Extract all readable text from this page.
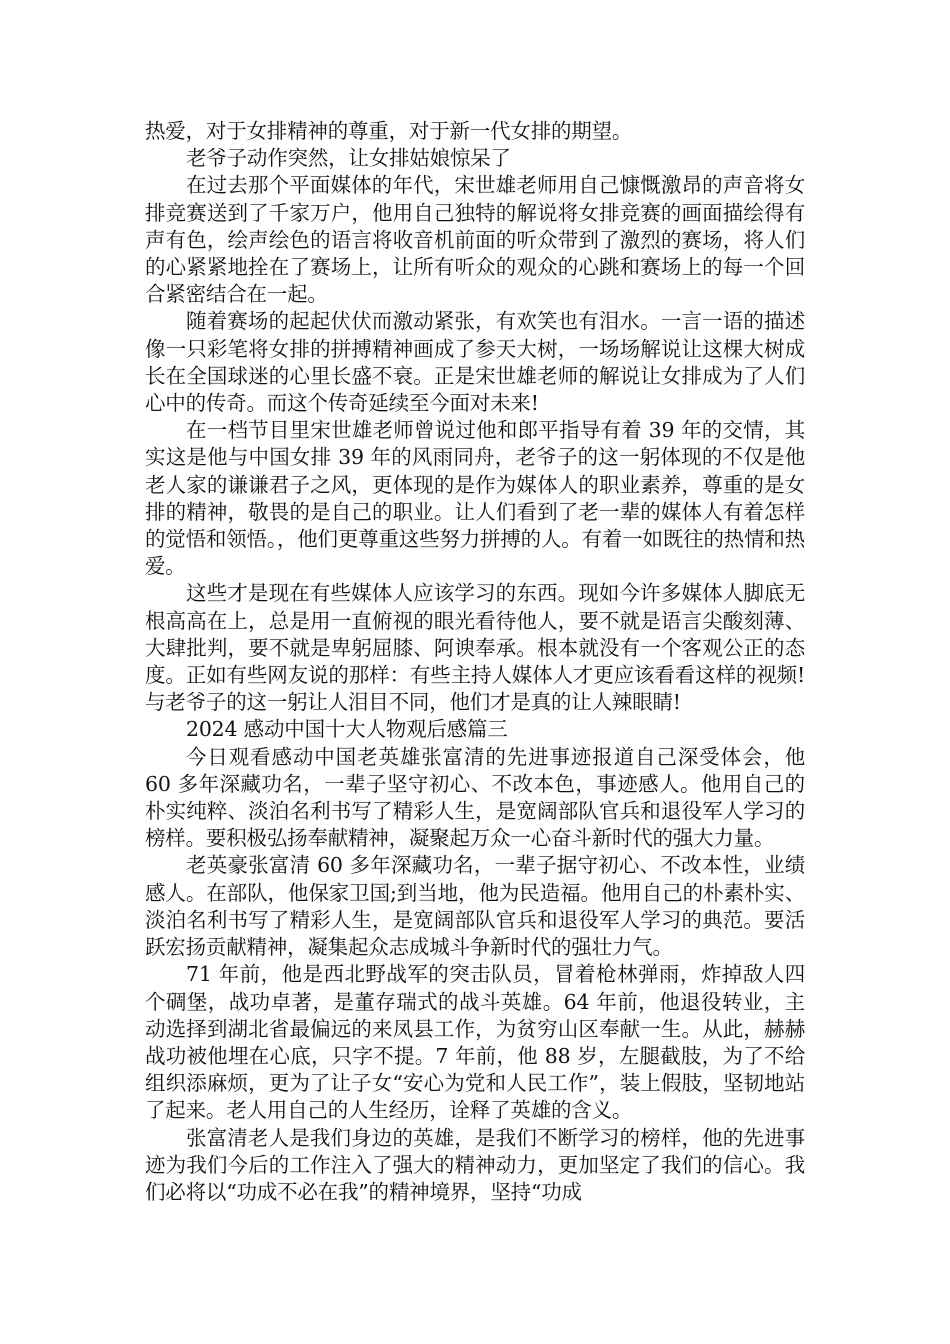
热爱，对于女排精神的尊重，对于新一代女排的期望。

老爷子动作突然，让女排姑娘惊呆了

在过去那个平面媒体的年代，宋世雄老师用自己慷慨激昂的声音将女排竞赛送到了千家万户，他用自己独特的解说将女排竞赛的画面描绘得有声有色，绘声绘色的语言将收音机前面的听众带到了激烈的赛场，将人们的心紧紧地拴在了赛场上，让所有听众的观众的心跳和赛场上的每一个回合紧密结合在一起。

随着赛场的起起伏伏而激动紧张，有欢笑也有泪水。一言一语的描述像一只彩笔将女排的拼搏精神画成了参天大树，一场场解说让这棵大树成长在全国球迷的心里长盛不衰。正是宋世雄老师的解说让女排成为了人们心中的传奇。而这个传奇延续至今面对未来!

在一档节目里宋世雄老师曾说过他和郎平指导有着 39 年的交情，其实这是他与中国女排 39 年的风雨同舟，老爷子的这一躬体现的不仅是他老人家的谦谦君子之风，更体现的是作为媒体人的职业素养，尊重的是女排的精神，敬畏的是自己的职业。让人们看到了老一辈的媒体人有着怎样的觉悟和领悟。，他们更尊重这些努力拼搏的人。有着一如既往的热情和热爱。

这些才是现在有些媒体人应该学习的东西。现如今许多媒体人脚底无根高高在上，总是用一直俯视的眼光看待他人，要不就是语言尖酸刻薄、大肆批判，要不就是卑躬屈膝、阿谀奉承。根本就没有一个客观公正的态度。正如有些网友说的那样：有些主持人媒体人才更应该看看这样的视频!与老爷子的这一躬让人泪目不同，他们才是真的让人辣眼睛!

2024 感动中国十大人物观后感篇三

今日观看感动中国老英雄张富清的先进事迹报道自己深受体会，他 60 多年深藏功名，一辈子坚守初心、不改本色，事迹感人。他用自己的朴实纯粹、淡泊名利书写了精彩人生，是宽阔部队官兵和退役军人学习的榜样。要积极弘扬奉献精神，凝聚起万众一心奋斗新时代的强大力量。

老英豪张富清 60 多年深藏功名，一辈子据守初心、不改本性，业绩感人。在部队，他保家卫国;到当地，他为民造福。他用自己的朴素朴实、淡泊名利书写了精彩人生，是宽阔部队官兵和退役军人学习的典范。要活跃宏扬贡献精神，凝集起众志成城斗争新时代的强壮力气。

71 年前，他是西北野战军的突击队员，冒着枪林弹雨，炸掉敌人四个碉堡，战功卓著，是董存瑞式的战斗英雄。64 年前，他退役转业，主动选择到湖北省最偏远的来凤县工作，为贫穷山区奉献一生。从此，赫赫战功被他埋在心底，只字不提。7 年前，他 88 岁，左腿截肢，为了不给组织添麻烦，更为了让子女“安心为党和人民工作”，装上假肢，坚韧地站了起来。老人用自己的人生经历，诠释了英雄的含义。

张富清老人是我们身边的英雄，是我们不断学习的榜样，他的先进事迹为我们今后的工作注入了强大的精神动力，更加坚定了我们的信心。我们必将以“功成不必在我”的精神境界，坚持“功成
